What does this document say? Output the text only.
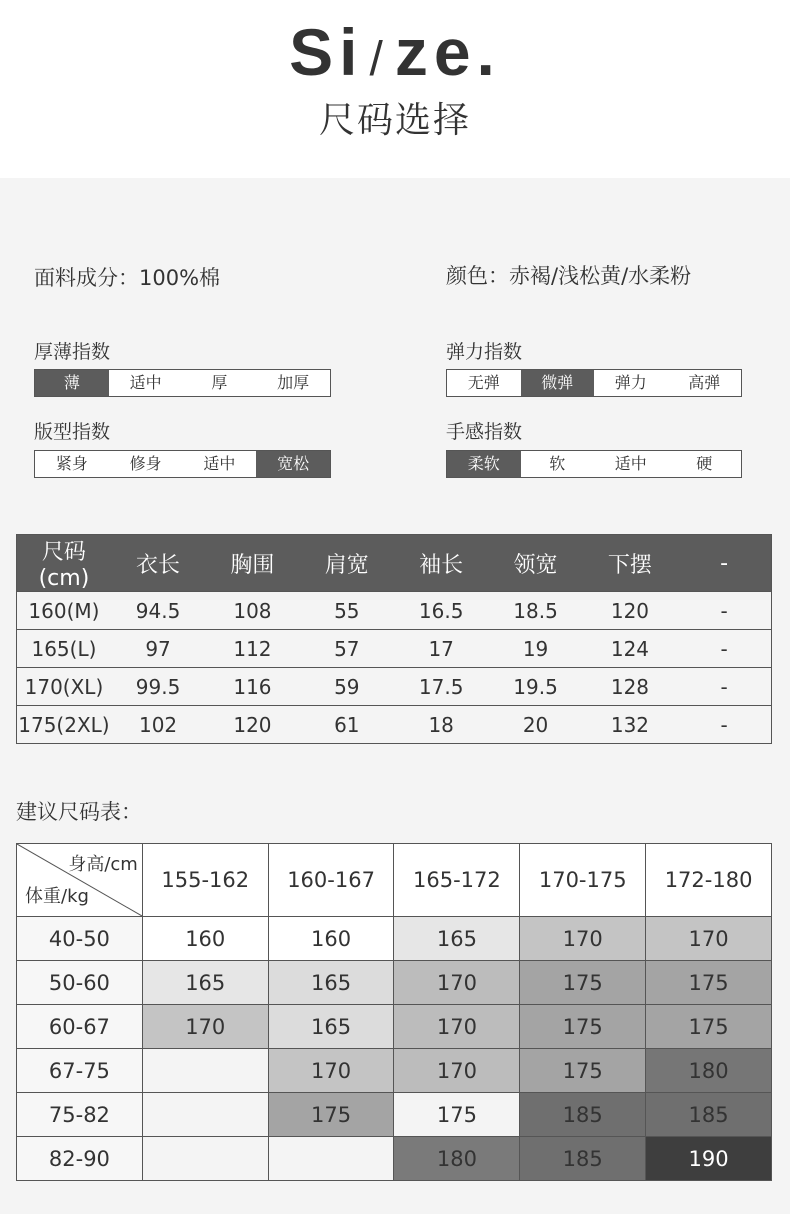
Si /ze.
尺码选择
面料成分：100%棉	颜色：赤褐/浅松黄/水柔粉
厚薄指数
薄	适中	厚	加厚
弹力指数
无弹	微弹	弹力	高弹
版型指数
紧身	修身	适中	宽松
手感指数
柔软	软	适中	硬
尺码(cm)	衣长	胸围	肩宽	袖长	领宽	下摆	-
160(M)	94.5	108	55	16.5	18.5	120	-
165(L)	97	112	57	17	19	124	-
170(XL)	99.5	116	59	17.5	19.5	128	-
175(2XL)	102	120	61	18	20	132	-
建议尺码表：
身高/cm
体重/kg	155-162	160-167	165-172	170-175	172-180
40-50	160	160	165	170	170
50-60	165	165	170	175	175
60-67	170	165	170	175	175
67-75		170	170	175	180
75-82		175	175	185	185
82-90			180	185	190
